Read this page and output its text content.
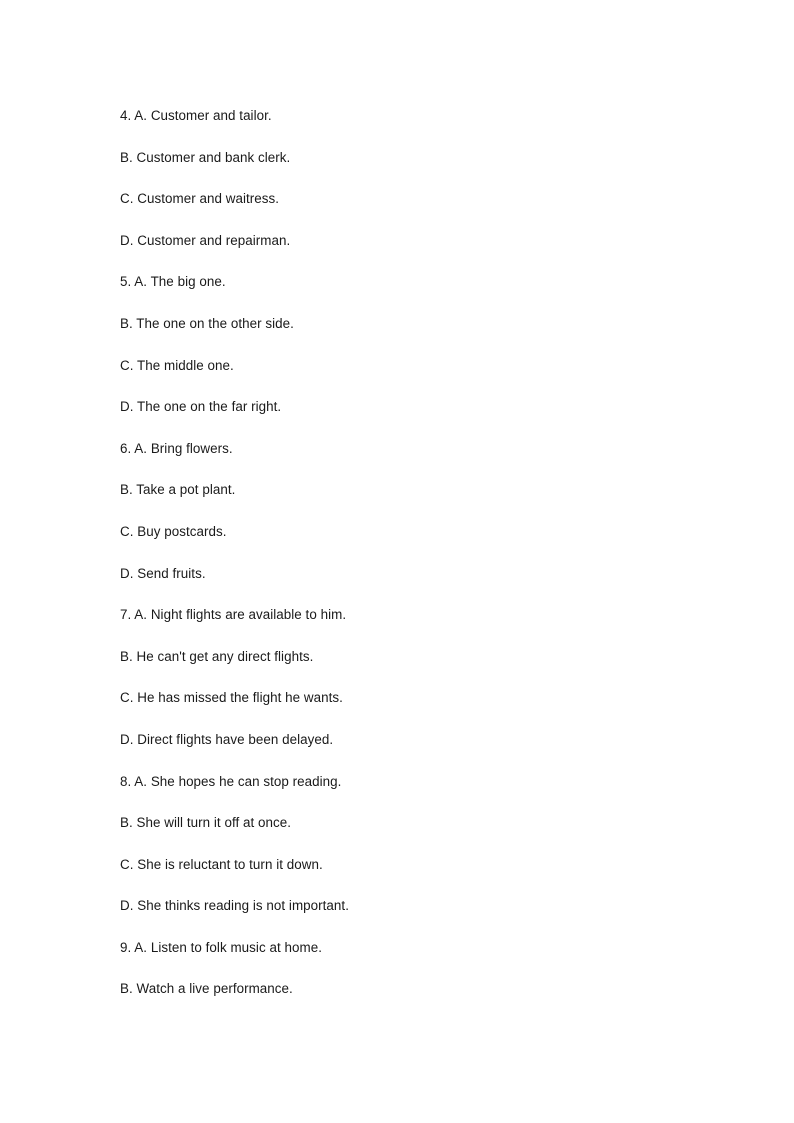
4. A. Customer and tailor.
B. Customer and bank clerk.
C. Customer and waitress.
D. Customer and repairman.
5. A. The big one.
B. The one on the other side.
C. The middle one.
D. The one on the far right.
6. A. Bring flowers.
B. Take a pot plant.
C. Buy postcards.
D. Send fruits.
7. A. Night flights are available to him.
B. He can't get any direct flights.
C. He has missed the flight he wants.
D. Direct flights have been delayed.
8. A. She hopes he can stop reading.
B. She will turn it off at once.
C. She is reluctant to turn it down.
D. She thinks reading is not important.
9. A. Listen to folk music at home.
B. Watch a live performance.
